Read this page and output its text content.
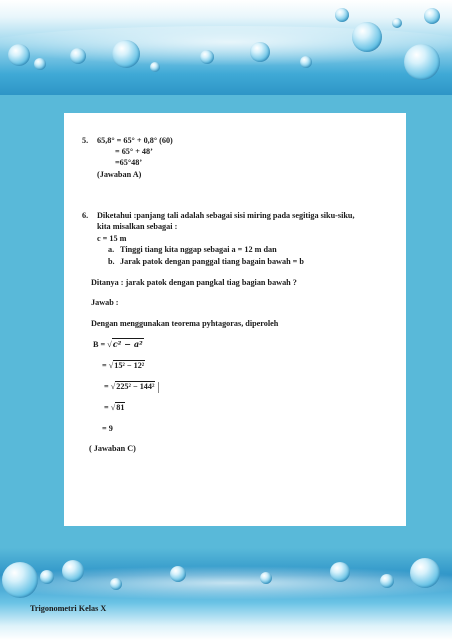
5. 65,8° = 65° + 0,8° (60)
= 65° + 48’
=65°48’
(Jawaban A)
6. Diketahui :panjang tali adalah sebagai sisi miring pada segitiga siku-siku,
kita misalkan sebagai :
c = 15 m
a. Tinggi tiang kita nggap sebagai a = 12 m dan
b. Jarak patok dengan panggal tiang bagain bawah = b
Ditanya : jarak patok dengan pangkal tiag bagian bawah ?
Jawab :
Dengan menggunakan teorema pyhtagoras, diperoleh
B = √c² − a²
= √15² − 12²
= √225² − 144²
= √81
= 9
( Jawaban C)
Trigonometri Kelas X
